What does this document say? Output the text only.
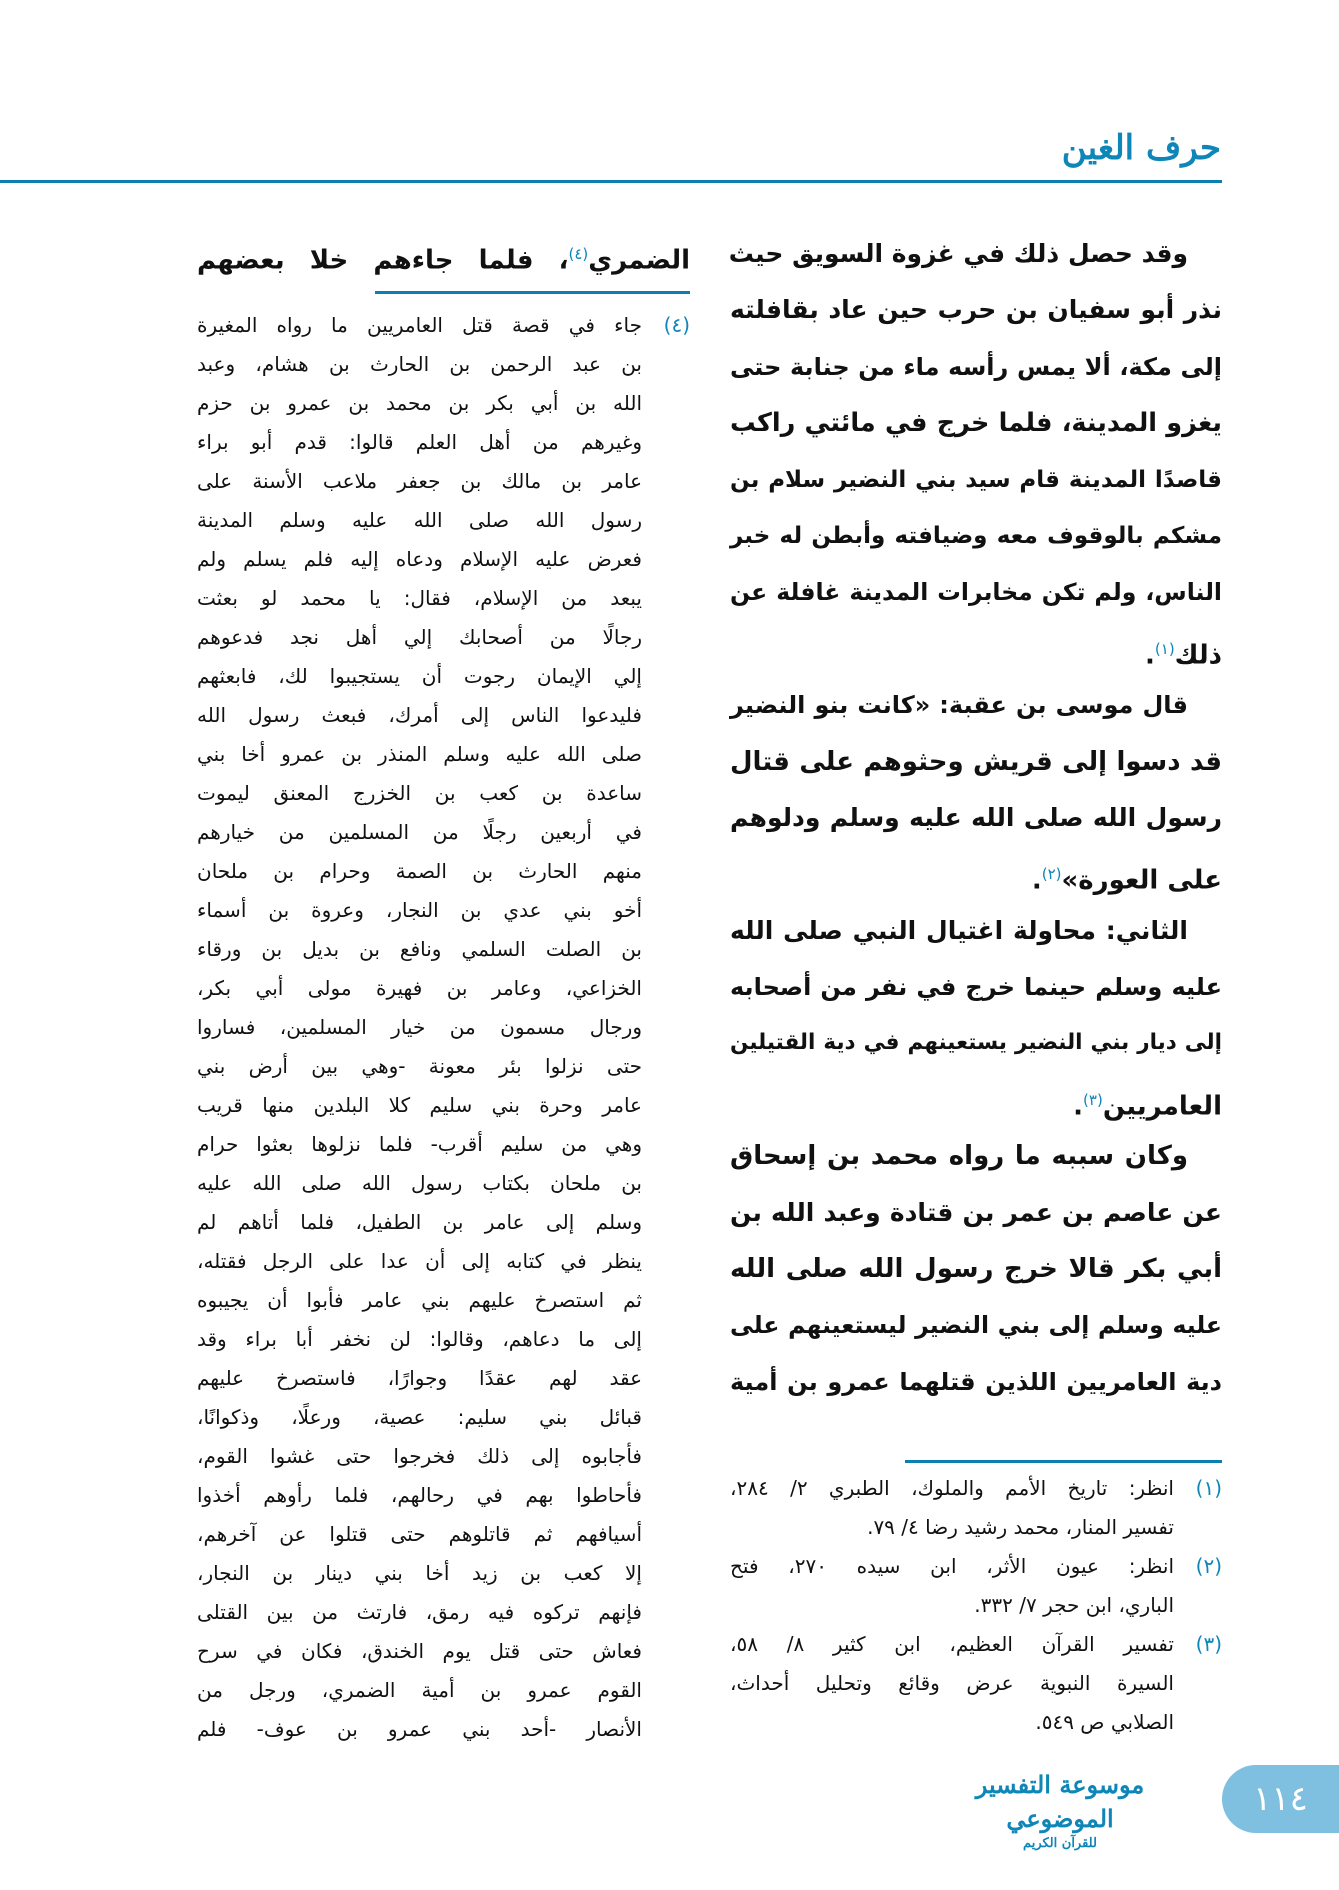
حرف الغين
وقد حصل ذلك في غزوة السويق حيث
نذر أبو سفيان بن حرب حين عاد بقافلته
إلى مكة، ألا يمس رأسه ماء من جنابة حتى
يغزو المدينة، فلما خرج في مائتي راكب
قاصدًا المدينة قام سيد بني النضير سلام بن
مشكم بالوقوف معه وضيافته وأبطن له خبر
الناس، ولم تكن مخابرات المدينة غافلة عن
ذلك$^{(١)}$.
قال موسى بن عقبة: «كانت بنو النضير
قد دسوا إلى قريش وحثوهم على قتال
رسول الله صلى الله عليه وسلم ودلوهم
على العورة»$^{(٢)}$.
الثاني: محاولة اغتيال النبي صلى الله
عليه وسلم حينما خرج في نفر من أصحابه
إلى ديار بني النضير يستعينهم في دية القتيلين
العامريين$^{(٣)}$.
وكان سببه ما رواه محمد بن إسحاق
عن عاصم بن عمر بن قتادة وعبد الله بن
أبي بكر قالا خرج رسول الله صلى الله
عليه وسلم إلى بني النضير ليستعينهم على
دية العامريين اللذين قتلهما عمرو بن أمية
الضمري$^{(٤)}$، فلما جاءهم خلا بعضهم
(٤)
جاء في قصة قتل العامريين ما رواه المغيرة
بن عبد الرحمن بن الحارث بن هشام، وعبد
الله بن أبي بكر بن محمد بن عمرو بن حزم
وغيرهم من أهل العلم قالوا: قدم أبو براء
عامر بن مالك بن جعفر ملاعب الأسنة على
رسول الله صلى الله عليه وسلم المدينة
فعرض عليه الإسلام ودعاه إليه فلم يسلم ولم
يبعد من الإسلام، فقال: يا محمد لو بعثت
رجالًا من أصحابك إلي أهل نجد فدعوهم
إلي الإيمان رجوت أن يستجيبوا لك، فابعثهم
فليدعوا الناس إلى أمرك، فبعث رسول الله
صلى الله عليه وسلم المنذر بن عمرو أخا بني
ساعدة بن كعب بن الخزرج المعنق ليموت
في أربعين رجلًا من المسلمين من خيارهم
منهم الحارث بن الصمة وحرام بن ملحان
أخو بني عدي بن النجار، وعروة بن أسماء
بن الصلت السلمي ونافع بن بديل بن ورقاء
الخزاعي، وعامر بن فهيرة مولى أبي بكر،
ورجال مسمون من خيار المسلمين، فساروا
حتى نزلوا بئر معونة -وهي بين أرض بني
عامر وحرة بني سليم كلا البلدين منها قريب
وهي من سليم أقرب- فلما نزلوها بعثوا حرام
بن ملحان بكتاب رسول الله صلى الله عليه
وسلم إلى عامر بن الطفيل، فلما أتاهم لم
ينظر في كتابه إلى أن عدا على الرجل فقتله،
ثم استصرخ عليهم بني عامر فأبوا أن يجيبوه
إلى ما دعاهم، وقالوا: لن نخفر أبا براء وقد
عقد لهم عقدًا وجوارًا، فاستصرخ عليهم
قبائل بني سليم: عصية، ورعلًا، وذكوانًا،
فأجابوه إلى ذلك فخرجوا حتى غشوا القوم،
فأحاطوا بهم في رحالهم، فلما رأوهم أخذوا
أسيافهم ثم قاتلوهم حتى قتلوا عن آخرهم،
إلا كعب بن زيد أخا بني دينار بن النجار،
فإنهم تركوه فيه رمق، فارتث من بين القتلى
فعاش حتى قتل يوم الخندق، فكان في سرح
القوم عمرو بن أمية الضمري، ورجل من
الأنصار -أحد بني عمرو بن عوف- فلم
(١)
انظر: تاريخ الأمم والملوك، الطبري ٢/ ٢٨٤،
تفسير المنار، محمد رشيد رضا ٤/ ٧٩.
(٢)
انظر: عيون الأثر، ابن سيده ٢٧٠، فتح
الباري، ابن حجر ٧/ ٣٣٢.
(٣)
تفسير القرآن العظيم، ابن كثير ٨/ ٥٨،
السيرة النبوية عرض وقائع وتحليل أحداث،
الصلابي ص ٥٤٩.
موسوعة التفسير الموضوعي
للقرآن الكريم
١١٤
